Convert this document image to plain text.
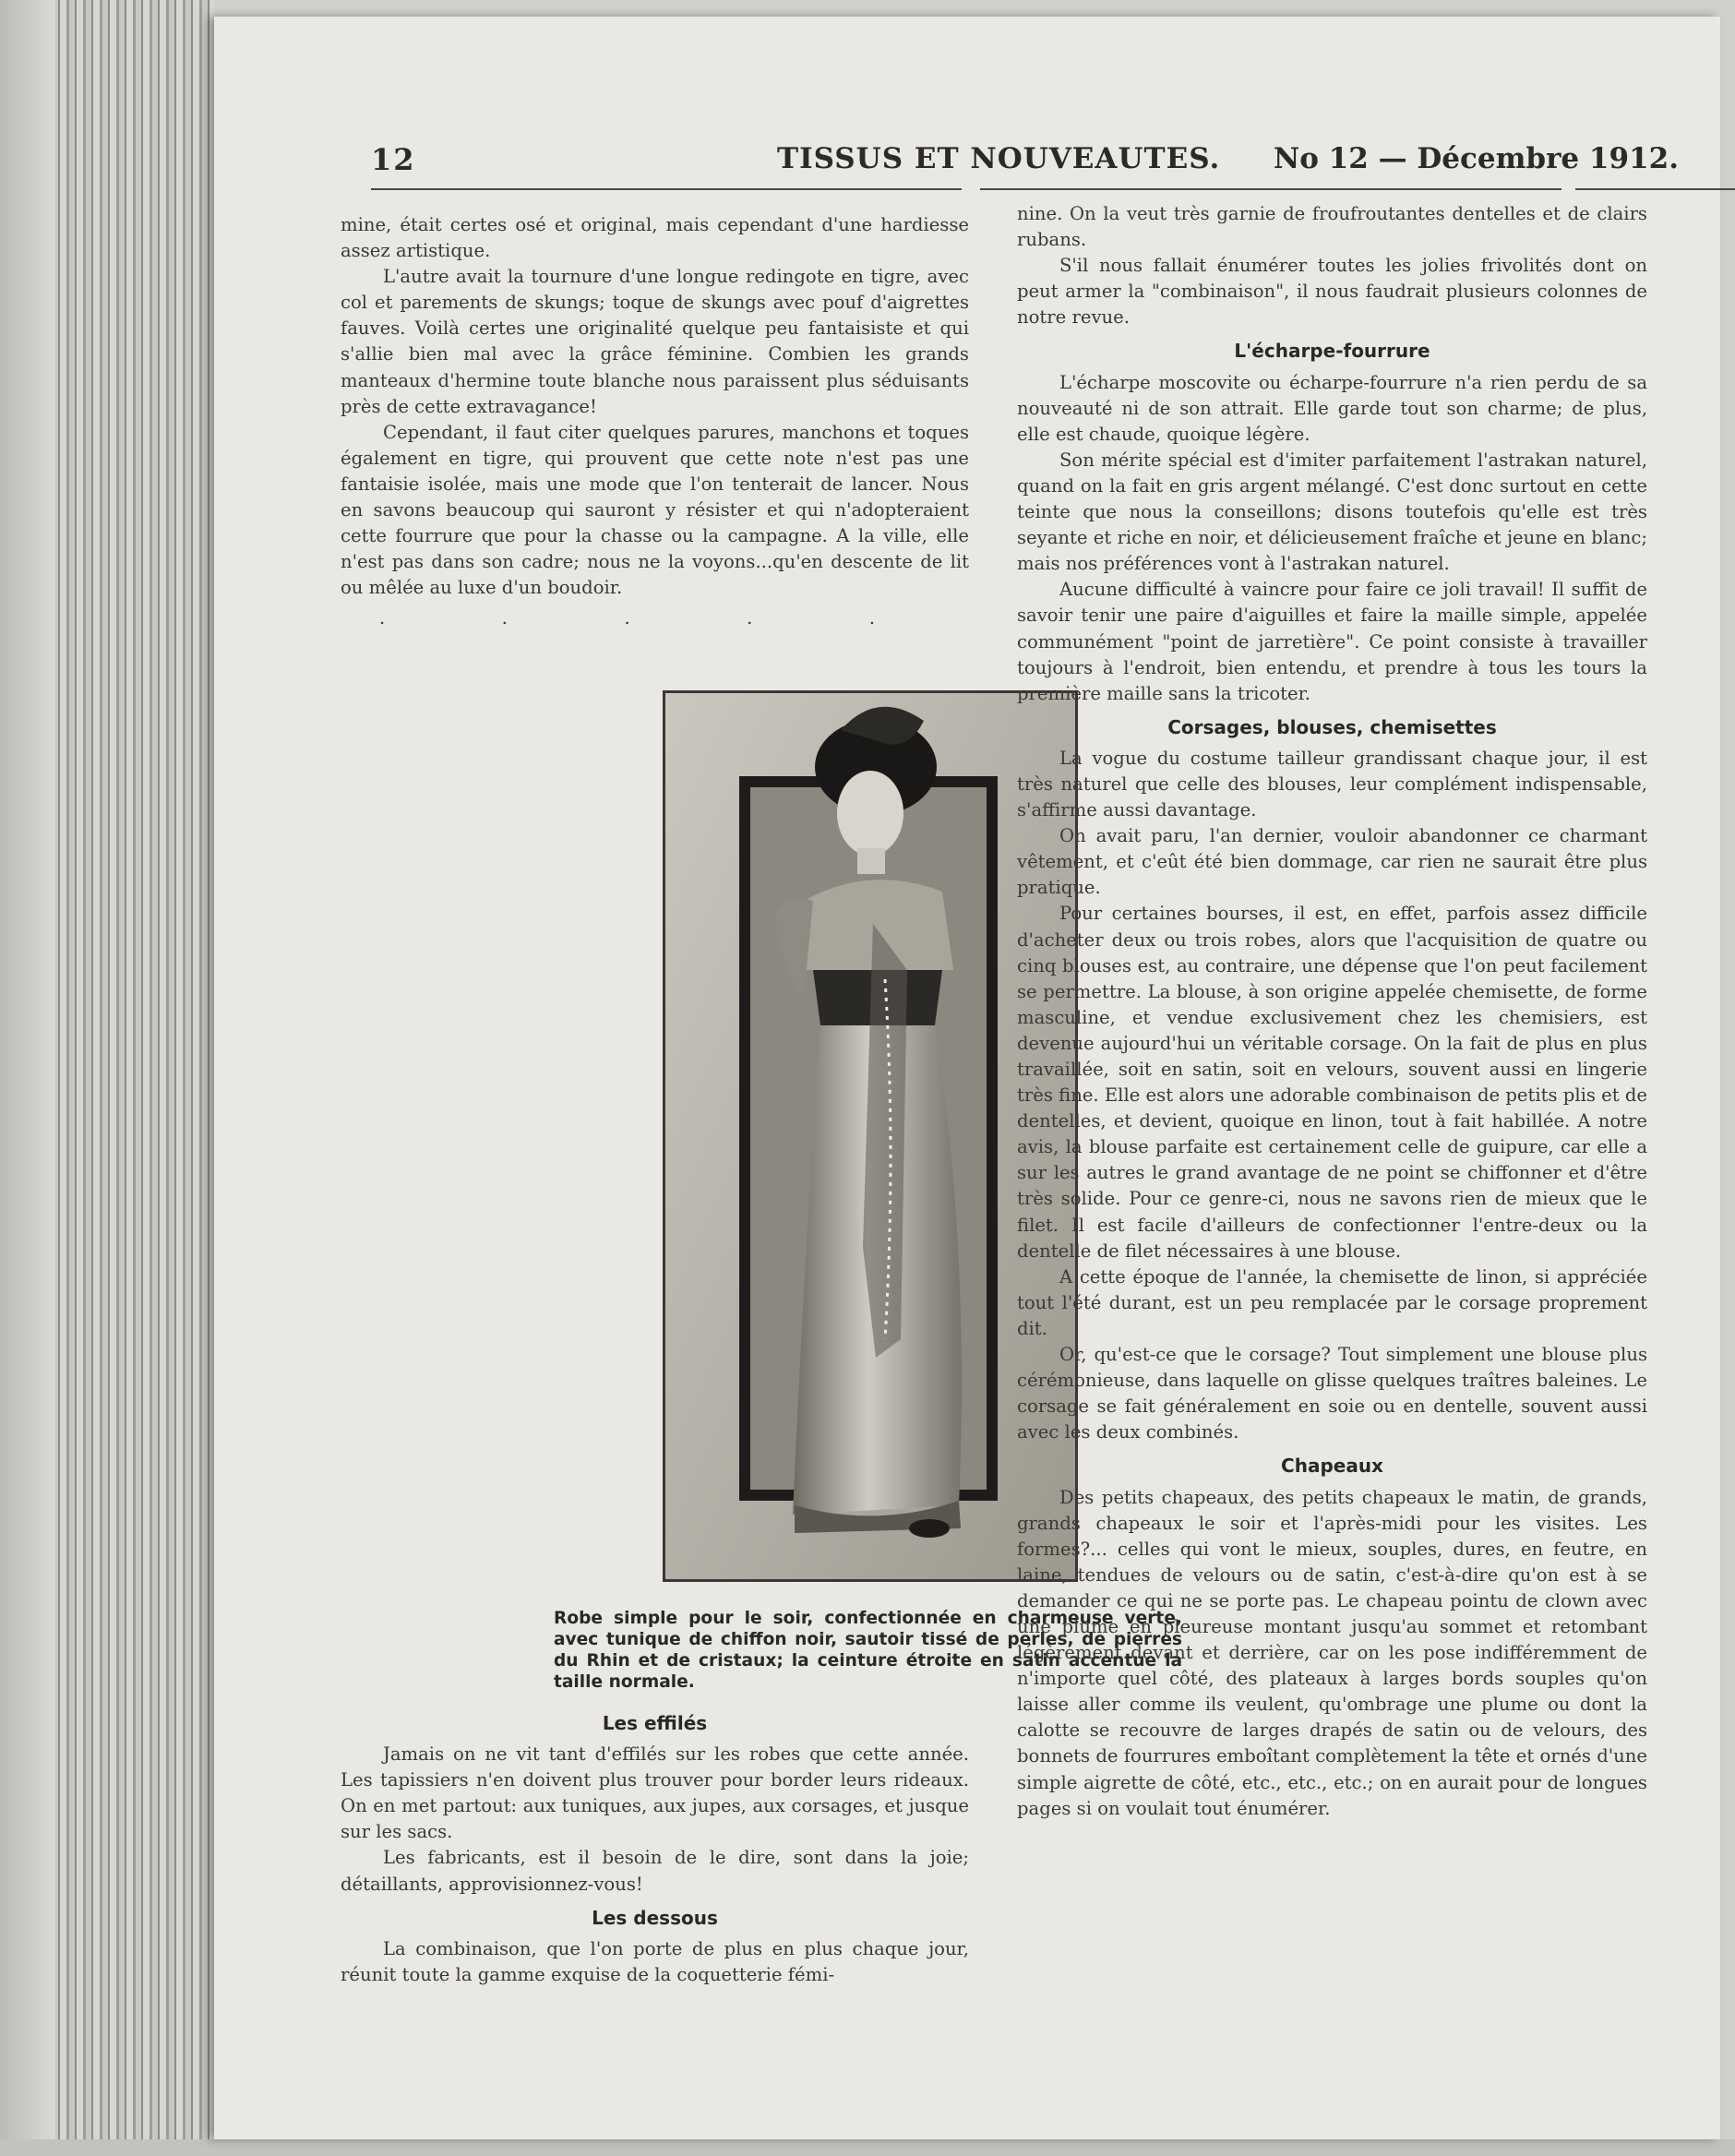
12	TISSUS ET NOUVEAUTES. No 12 — Décembre 1912.

mine, était certes osé et original, mais cependant d'une hardiesse assez artistique.

L'autre avait la tournure d'une longue redingote en tigre, avec col et parements de skungs; toque de skungs avec pouf d'aigrettes fauves. Voilà certes une originalité quelque peu fantaisiste et qui s'allie bien mal avec la grâce féminine. Combien les grands manteaux d'hermine toute blanche nous paraissent plus séduisants près de cette extravagance!

Cependant, il faut citer quelques parures, manchons et toques également en tigre, qui prouvent que cette note n'est pas une fantaisie isolée, mais une mode que l'on tenterait de lancer. Nous en savons beaucoup qui sauront y résister et qui n'adopteraient cette fourrure que pour la chasse ou la campagne. A la ville, elle n'est pas dans son cadre; nous ne la voyons...qu'en descente de lit ou mêlée au luxe d'un boudoir.

. . . . .
Robe simple pour le soir, confectionnée en charmeuse verte, avec tunique de chiffon noir, sautoir tissé de perles, de pierres du Rhin et de cristaux; la ceinture étroite en satin accentue la taille normale.
Les effilés

Jamais on ne vit tant d'effilés sur les robes que cette année. Les tapissiers n'en doivent plus trouver pour border leurs rideaux. On en met partout: aux tuniques, aux jupes, aux corsages, et jusque sur les sacs.

Les fabricants, est il besoin de le dire, sont dans la joie; détaillants, approvisionnez-vous!

Les dessous

La combinaison, que l'on porte de plus en plus chaque jour, réunit toute la gamme exquise de la coquetterie fémi-

nine. On la veut très garnie de froufroutantes dentelles et de clairs rubans.

S'il nous fallait énumérer toutes les jolies frivolités dont on peut armer la "combinaison", il nous faudrait plusieurs colonnes de notre revue.

L'écharpe-fourrure

L'écharpe moscovite ou écharpe-fourrure n'a rien perdu de sa nouveauté ni de son attrait. Elle garde tout son charme; de plus, elle est chaude, quoique légère.

Son mérite spécial est d'imiter parfaitement l'astrakan naturel, quand on la fait en gris argent mélangé. C'est donc surtout en cette teinte que nous la conseillons; disons toutefois qu'elle est très seyante et riche en noir, et délicieusement fraîche et jeune en blanc; mais nos préférences vont à l'astrakan naturel.

Aucune difficulté à vaincre pour faire ce joli travail! Il suffit de savoir tenir une paire d'aiguilles et faire la maille simple, appelée communément "point de jarretière". Ce point consiste à travailler toujours à l'endroit, bien entendu, et prendre à tous les tours la première maille sans la tricoter.

Corsages, blouses, chemisettes

La vogue du costume tailleur grandissant chaque jour, il est très naturel que celle des blouses, leur complément indispensable, s'affirme aussi davantage.

On avait paru, l'an dernier, vouloir abandonner ce charmant vêtement, et c'eût été bien dommage, car rien ne saurait être plus pratique.

Pour certaines bourses, il est, en effet, parfois assez difficile d'acheter deux ou trois robes, alors que l'acquisition de quatre ou cinq blouses est, au contraire, une dépense que l'on peut facilement se permettre. La blouse, à son origine appelée chemisette, de forme masculine, et vendue exclusivement chez les chemisiers, est devenue aujourd'hui un véritable corsage. On la fait de plus en plus travaillée, soit en satin, soit en velours, souvent aussi en lingerie très fine. Elle est alors une adorable combinaison de petits plis et de dentelles, et devient, quoique en linon, tout à fait habillée. A notre avis, la blouse parfaite est certainement celle de guipure, car elle a sur les autres le grand avantage de ne point se chiffonner et d'être très solide. Pour ce genre-ci, nous ne savons rien de mieux que le filet. Il est facile d'ailleurs de confectionner l'entre-deux ou la dentelle de filet nécessaires à une blouse.

A cette époque de l'année, la chemisette de linon, si appréciée tout l'été durant, est un peu remplacée par le corsage proprement dit.

Or, qu'est-ce que le corsage? Tout simplement une blouse plus cérémonieuse, dans laquelle on glisse quelques traîtres baleines. Le corsage se fait généralement en soie ou en dentelle, souvent aussi avec les deux combinés.

Chapeaux

Des petits chapeaux, des petits chapeaux le matin, de grands, grands chapeaux le soir et l'après-midi pour les visites. Les formes?... celles qui vont le mieux, souples, dures, en feutre, en laine, tendues de velours ou de satin, c'est-à-dire qu'on est à se demander ce qui ne se porte pas. Le chapeau pointu de clown avec une plume en pleureuse montant jusqu'au sommet et retombant légèrement devant et derrière, car on les pose indifféremment de n'importe quel côté, des plateaux à larges bords souples qu'on laisse aller comme ils veulent, qu'ombrage une plume ou dont la calotte se recouvre de larges drapés de satin ou de velours, des bonnets de fourrures emboîtant complètement la tête et ornés d'une simple aigrette de côté, etc., etc., etc.; on en aurait pour de longues pages si on voulait tout énumérer.
